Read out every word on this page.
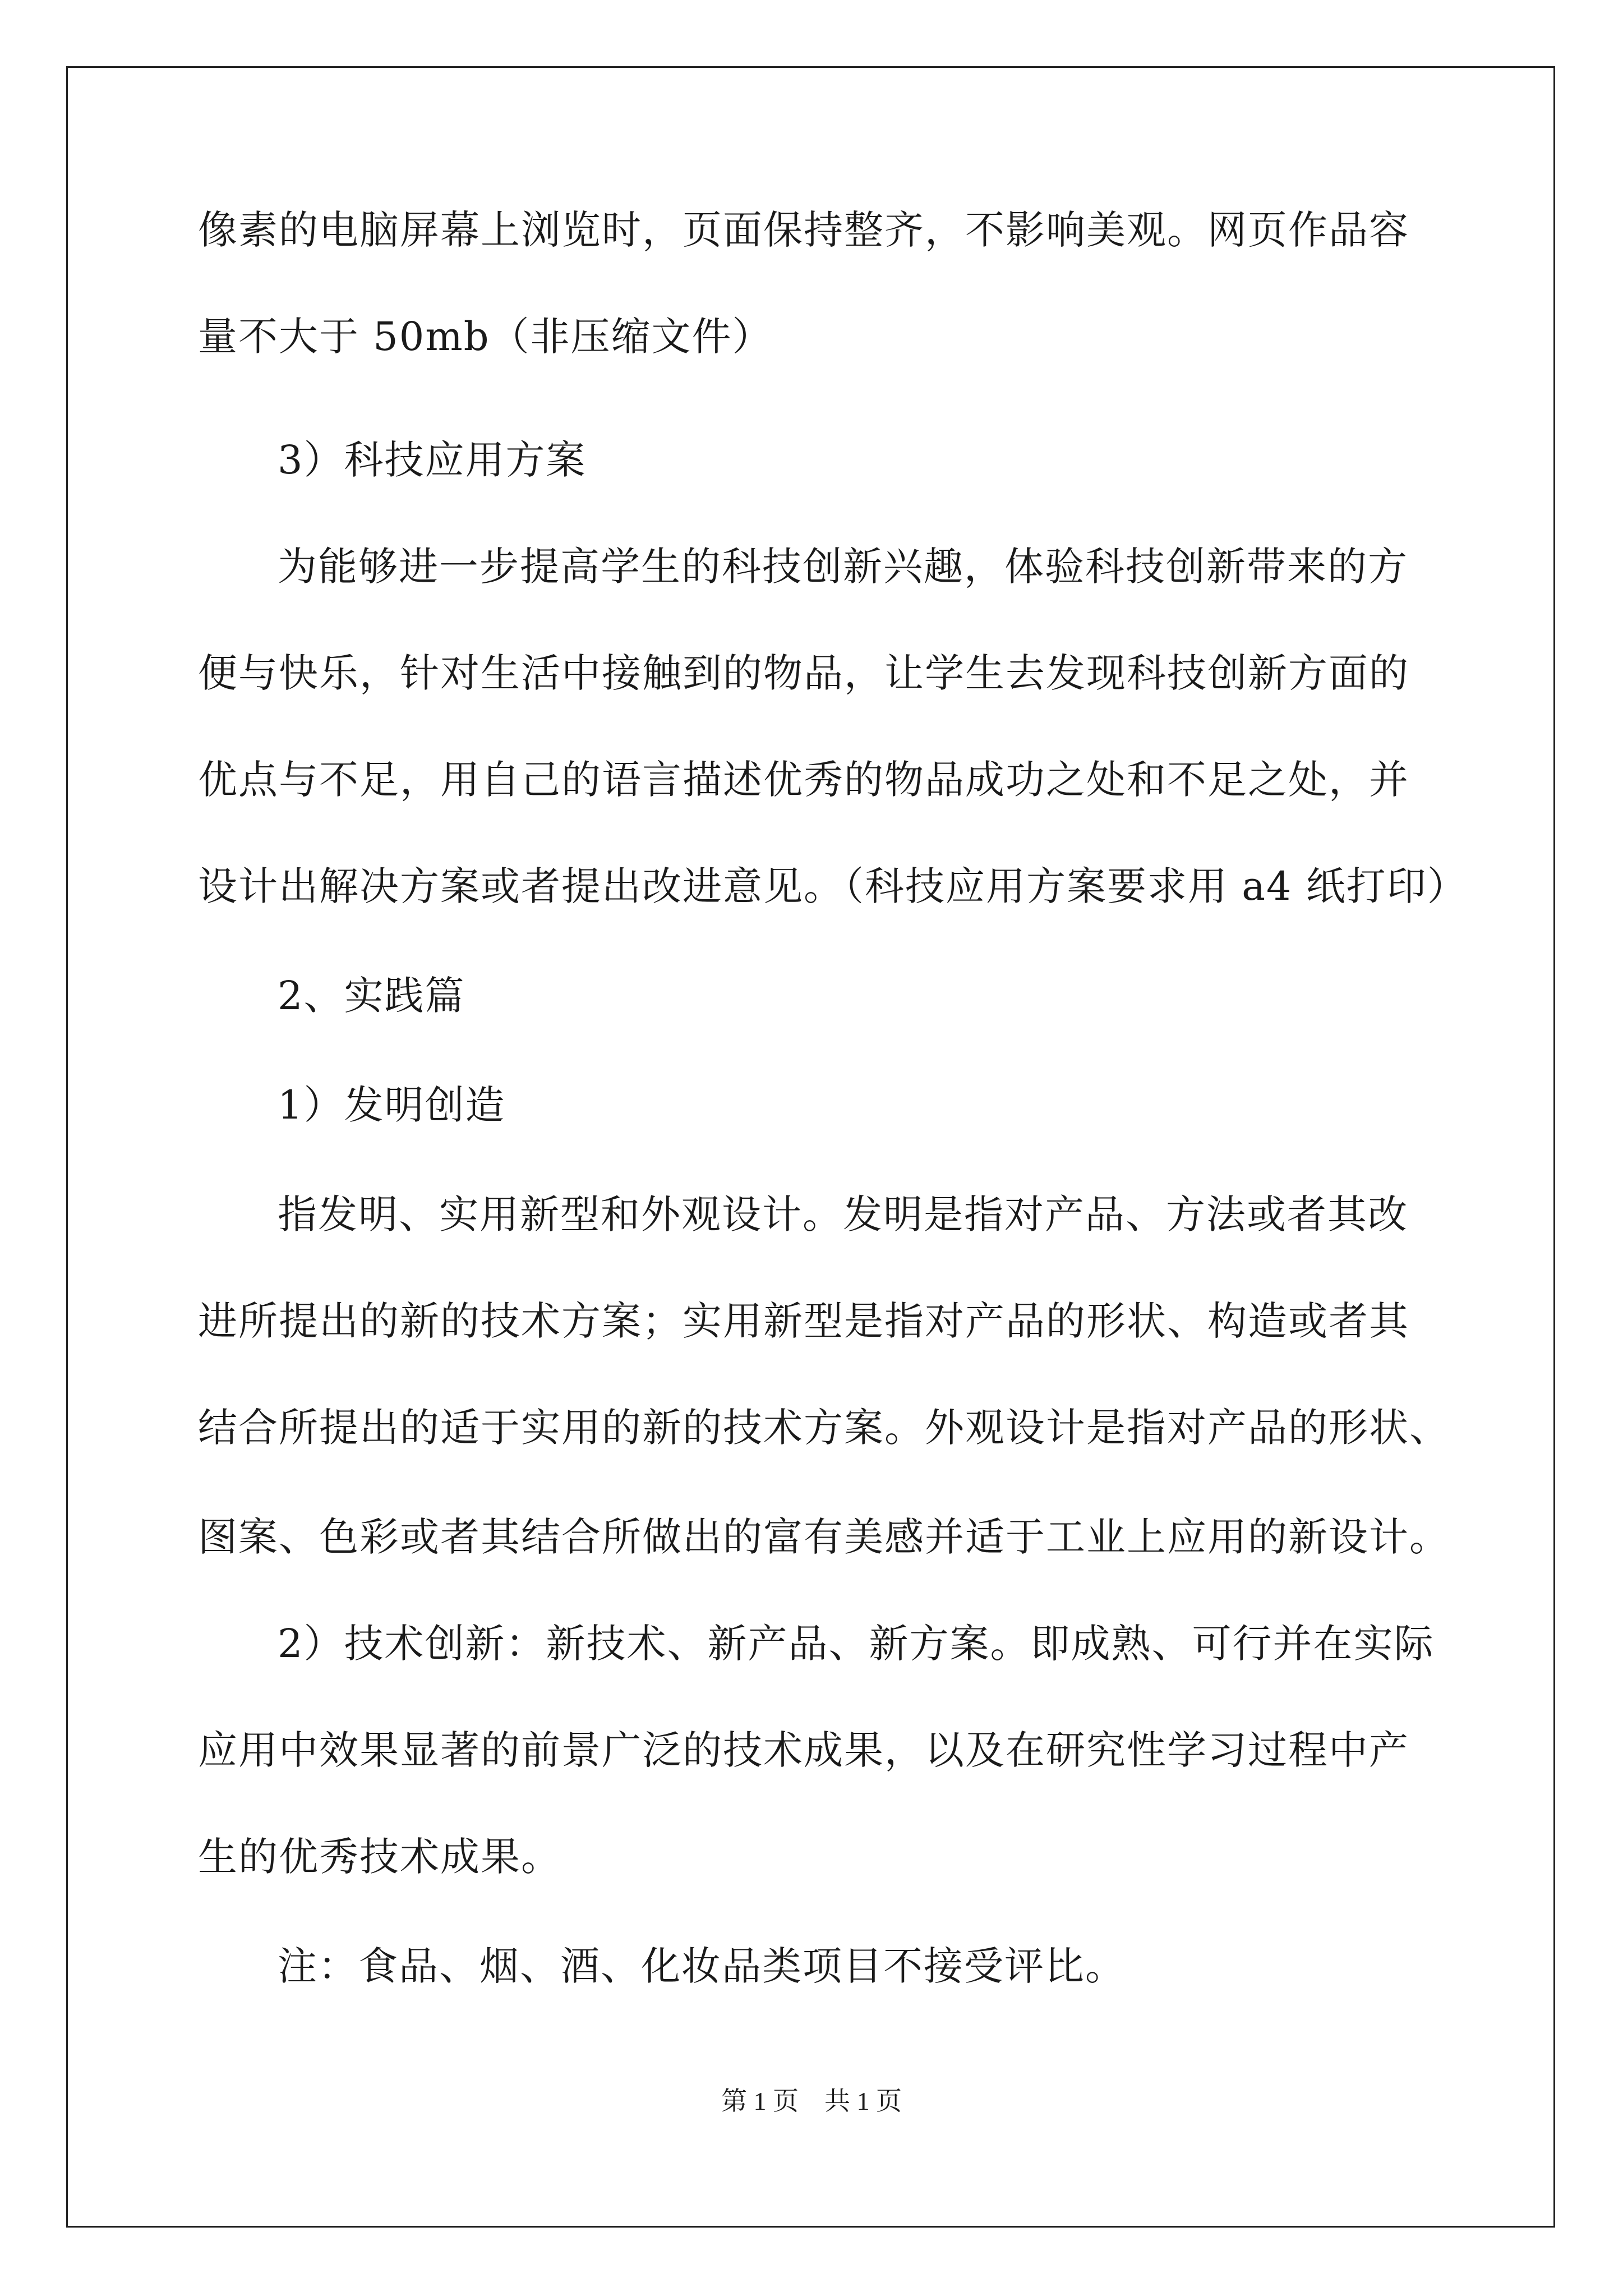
像素的电脑屏幕上浏览时，页面保持整齐，不影响美观。网页作品容
量不大于 50mb（非压缩文件）
3）科技应用方案
为能够进一步提高学生的科技创新兴趣，体验科技创新带来的方
便与快乐，针对生活中接触到的物品，让学生去发现科技创新方面的
优点与不足，用自己的语言描述优秀的物品成功之处和不足之处，并
设计出解决方案或者提出改进意见。（科技应用方案要求用 a4 纸打印）
2、实践篇
1）发明创造
指发明、实用新型和外观设计。发明是指对产品、方法或者其改
进所提出的新的技术方案；实用新型是指对产品的形状、构造或者其
结合所提出的适于实用的新的技术方案。外观设计是指对产品的形状、
图案、色彩或者其结合所做出的富有美感并适于工业上应用的新设计。
2）技术创新：新技术、新产品、新方案。即成熟、可行并在实际
应用中效果显著的前景广泛的技术成果，以及在研究性学习过程中产
生的优秀技术成果。
注：食品、烟、酒、化妆品类项目不接受评比。
第 1 页　共 1 页
